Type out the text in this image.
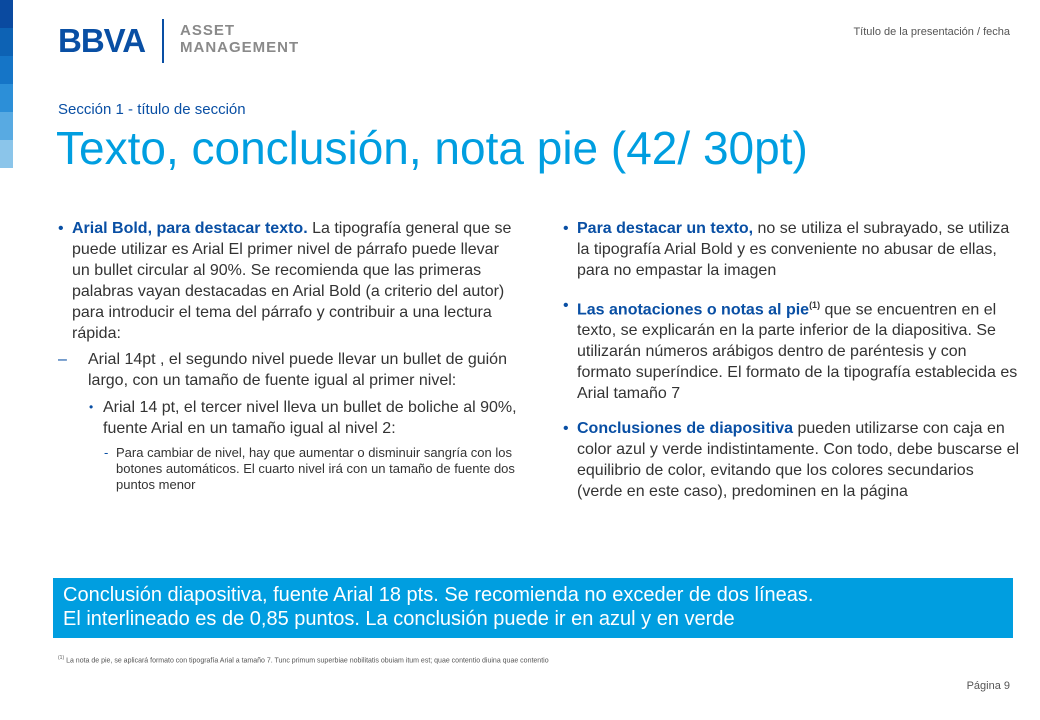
BBVA ASSET
MANAGEMENT
Título de la presentación / fecha
Sección 1 - título de sección
Texto, conclusión, nota pie (42/ 30pt)
• Arial Bold, para destacar texto. La tipografía general que se puede utilizar es Arial El primer nivel de párrafo puede llevar un bullet circular al 90%. Se recomienda que las primeras palabras vayan destacadas en Arial Bold (a criterio del autor) para introducir el tema del párrafo y contribuir a una lectura rápida:
– Arial 14pt , el segundo nivel puede llevar un bullet de guión largo, con un tamaño de fuente igual al primer nivel:
• Arial 14 pt, el tercer nivel lleva un bullet de boliche al 90%, fuente Arial en un tamaño igual al nivel 2:
- Para cambiar de nivel, hay que aumentar o disminuir sangría con los botones automáticos. El cuarto nivel irá con un tamaño de fuente dos puntos menor
• Para destacar un texto, no se utiliza el subrayado, se utiliza la tipografía Arial Bold y es conveniente no abusar de ellas, para no empastar la imagen
• Las anotaciones o notas al pie$^{(1)}$ que se encuentren en el texto, se explicarán en la parte inferior de la diapositiva. Se utilizarán números arábigos dentro de paréntesis y con formato superíndice. El formato de la tipografía establecida es Arial tamaño 7
• Conclusiones de diapositiva pueden utilizarse con caja en color azul y verde indistintamente. Con todo, debe buscarse el equilibrio de color, evitando que los colores secundarios (verde en este caso), predominen en la página
Conclusión diapositiva, fuente Arial 18 pts. Se recomienda no exceder de dos líneas.
El interlineado es de 0,85 puntos. La conclusión puede ir en azul y en verde
$^{(1)}$ La nota de pie, se aplicará formato con tipografía Arial a tamaño 7. Tunc primum superbiae nobilitatis obuiam itum est; quae contentio diuina quae contentio
Página 9
